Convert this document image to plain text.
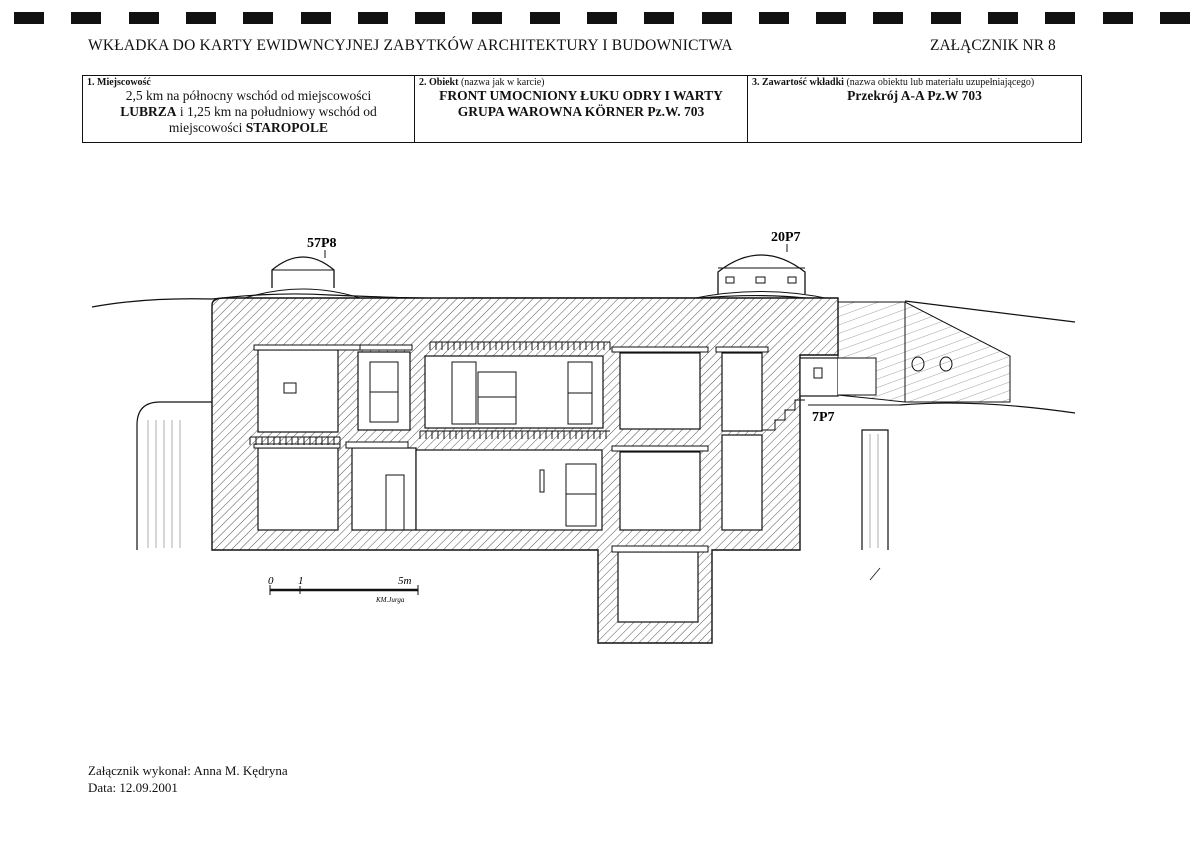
WKŁADKA DO KARTY EWIDWNCYJNEJ ZABYTKÓW ARCHITEKTURY I BUDOWNICTWA	ZAŁĄCZNIK NR 8
1. Miejscowość
2,5 km na północny wschód od miejscowości
LUBRZA i 1,25 km na południowy wschód od
miejscowości STAROPOLE

2. Obiekt (nazwa jak w karcie)
FRONT UMOCNIONY ŁUKU ODRY I WARTY
GRUPA WAROWNA KÖRNER Pz.W. 703

3. Zawartość wkładki (nazwa obiektu lub materiału uzupełniającego)
Przekrój A-A Pz.W 703
57P8	20P7
7P7
0 1	5m
KM.Jurga
Załącznik wykonał: Anna M. Kędryna
Data: 12.09.2001
